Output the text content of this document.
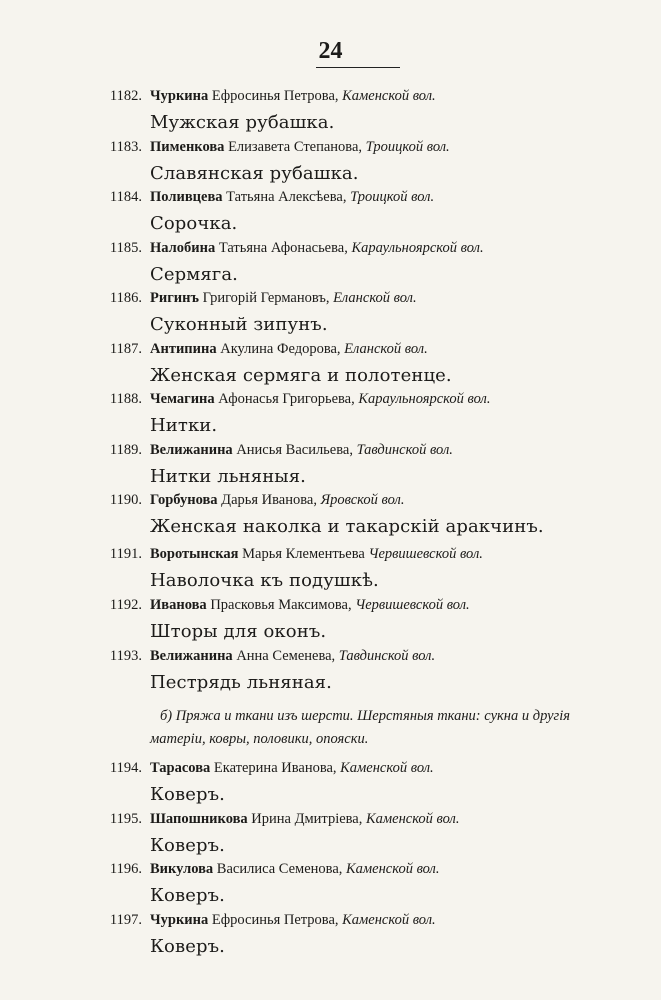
24
1182. Чуркина Ефросинья Петрова, Каменской вол.
Мужская рубашка.
1183. Пименкова Елизавета Степанова, Троицкой вол.
Славянская рубашка.
1184. Поливцева Татьяна Алексѣева, Троицкой вол.
Сорочка.
1185. Налобина Татьяна Афонасьева, Караульноярской вол.
Сермяга.
1186. Ригинъ Григорій Германовъ, Еланской вол.
Суконный зипунъ.
1187. Антипина Акулина Федорова, Еланской вол.
Женская сермяга и полотенце.
1188. Чемагина Афонасья Григорьева, Караульноярской вол.
Нитки.
1189. Велижанина Анисья Васильева, Тавдинской вол.
Нитки льняныя.
1190. Горбунова Дарья Иванова, Яровской вол.
Женская наколка и такарскій аракчинъ.
1191. Воротынская Марья Клементьева Червишевской вол.
Наволочка къ подушкѣ.
1192. Иванова Прасковья Максимова, Червишевской вол.
Шторы для оконъ.
1193. Велижанина Анна Семенева, Тавдинской вол.
Пестрядь льняная.
1194. Тарасова Екатерина Иванова, Каменской вол.
Коверъ.
1195. Шапошникова Ирина Дмитріева, Каменской вол.
Коверъ.
1196. Викулова Василиса Семенова, Каменской вол.
Коверъ.
1197. Чуркина Ефросинья Петрова, Каменской вол.
Коверъ.
б) Пряжа и ткани изъ шерсти. Шерстяныя ткани: сукна и другія матеріи, ковры, половики, опояски.
